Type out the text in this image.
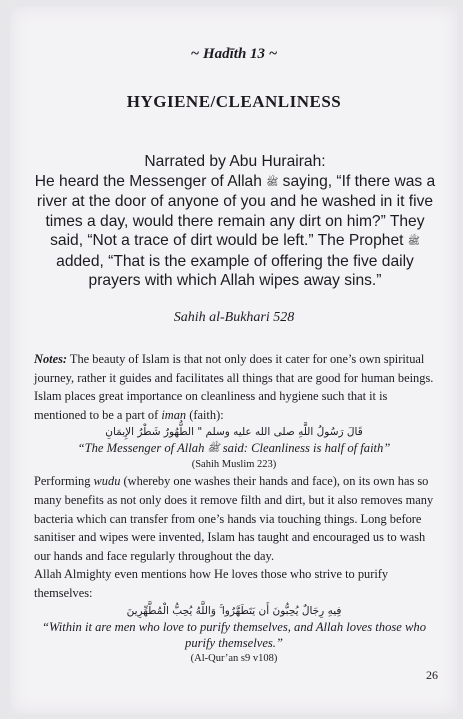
~ Hadīth 13 ~
HYGIENE/CLEANLINESS

Narrated by Abu Hurairah:

He heard the Messenger of Allah ﷺ saying, “If there was a river at the door of anyone of you and he washed in it five times a day, would there remain any dirt on him?” They said, “Not a trace of dirt would be left.” The Prophet ﷺ added, “That is the example of offering the five daily prayers with which Allah wipes away sins.”

Sahih al-Bukhari 528

Notes: The beauty of Islam is that not only does it cater for one’s own spiritual journey, rather it guides and facilitates all things that are good for human beings. Islam places great importance on cleanliness and hygiene such that it is mentioned to be a part of iman (faith):

قَالَ رَسُولُ اللَّهِ صلى الله عليه وسلم " الطُّهُورُ شَطْرُ الإِيمَانِ
“The Messenger of Allah ﷺ said: Cleanliness is half of faith”
(Sahih Muslim 223)

Performing wudu (whereby one washes their hands and face), on its own has so many benefits as not only does it remove filth and dirt, but it also removes many bacteria which can transfer from one’s hands via touching things. Long before sanitiser and wipes were invented, Islam has taught and encouraged us to wash our hands and face regularly throughout the day.

Allah Almighty even mentions how He loves those who strive to purify themselves:

فِيهِ رِجَالٌ يُحِبُّونَ أَن يَتَطَهَّرُوا ۚ وَاللَّهُ يُحِبُّ الْمُطَّهِّرِينَ
“Within it are men who love to purify themselves, and Allah loves those who purify themselves.”
(Al-Qur’an s9 v108)
26
